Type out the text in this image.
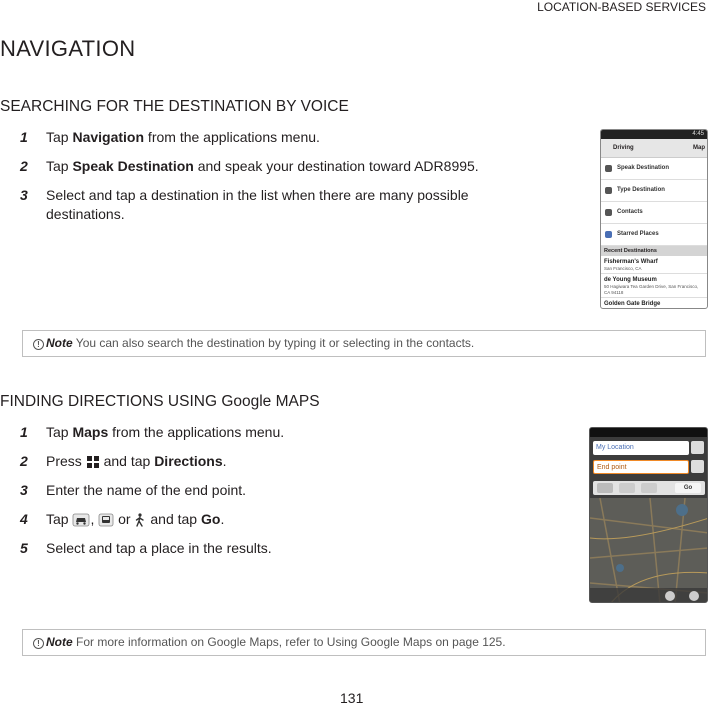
LOCATION-BASED SERVICES
NAVIGATION
SEARCHING FOR THE DESTINATION BY VOICE
1 Tap Navigation from the applications menu.
2 Tap Speak Destination and speak your destination toward ADR8995.
3 Select and tap a destination in the list when there are many possible destinations.
4:45
Driving	Map
Speak Destination
Type Destination
Contacts
Starred Places
Recent Destinations
Fisherman's Wharf
San Francisco, CA
de Young Museum
50 Hagiwara Tea Garden Drive, San Francisco, CA 94118
Golden Gate Bridge
! Note You can also search the destination by typing it or selecting in the contacts.
FINDING DIRECTIONS USING Google MAPS
1 Tap Maps from the applications menu.
2 Press  and tap Directions.
3 Enter the name of the end point.
4 Tap ,  or  and tap Go.
5 Select and tap a place in the results.
My Location
End point
Go
! Note For more information on Google Maps, refer to Using Google Maps on page 125.
131
